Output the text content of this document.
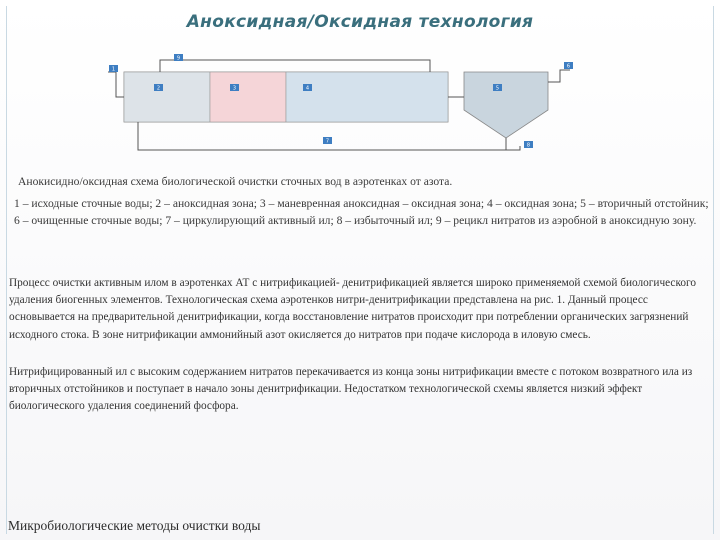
Аноксидная/Оксидная технология
1
2	3	4	5
6
7
8
9
Анокисидно/оксидная схема биологической очистки сточных вод в аэротенках от азота.
1 – исходные сточные воды; 2 – аноксидная зона; 3 – маневренная аноксидная – оксидная зона; 4 – оксидная зона; 5 – вторичный отстойник; 6 – очищенные сточные воды; 7 – циркулирующий активный ил; 8 – избыточный ил; 9 – рецикл нитратов из аэробной в аноксидную зону.
Процесс очистки активным илом в аэротенках АТ с нитрификацией- денитрификацией является широко применяемой схемой биологического удаления биогенных элементов. Технологическая схема аэротенков нитри-денитрификации представлена на рис. 1. Данный процесс основывается на предварительной денитрификации, когда восстановление нитратов происходит при потреблении органических загрязнений исходного стока. В зоне нитрификации аммонийный азот окисляется до нитратов при подаче кислорода в иловую смесь.
Нитрифицированный ил с высоким содержанием нитратов перекачивается из конца зоны нитрификации вместе с потоком возвратного ила из вторичных отстойников и поступает в начало зоны денитрификации. Недостатком технологической схемы является низкий эффект биологического удаления соединений фосфора.
Микробиологические методы очистки воды
